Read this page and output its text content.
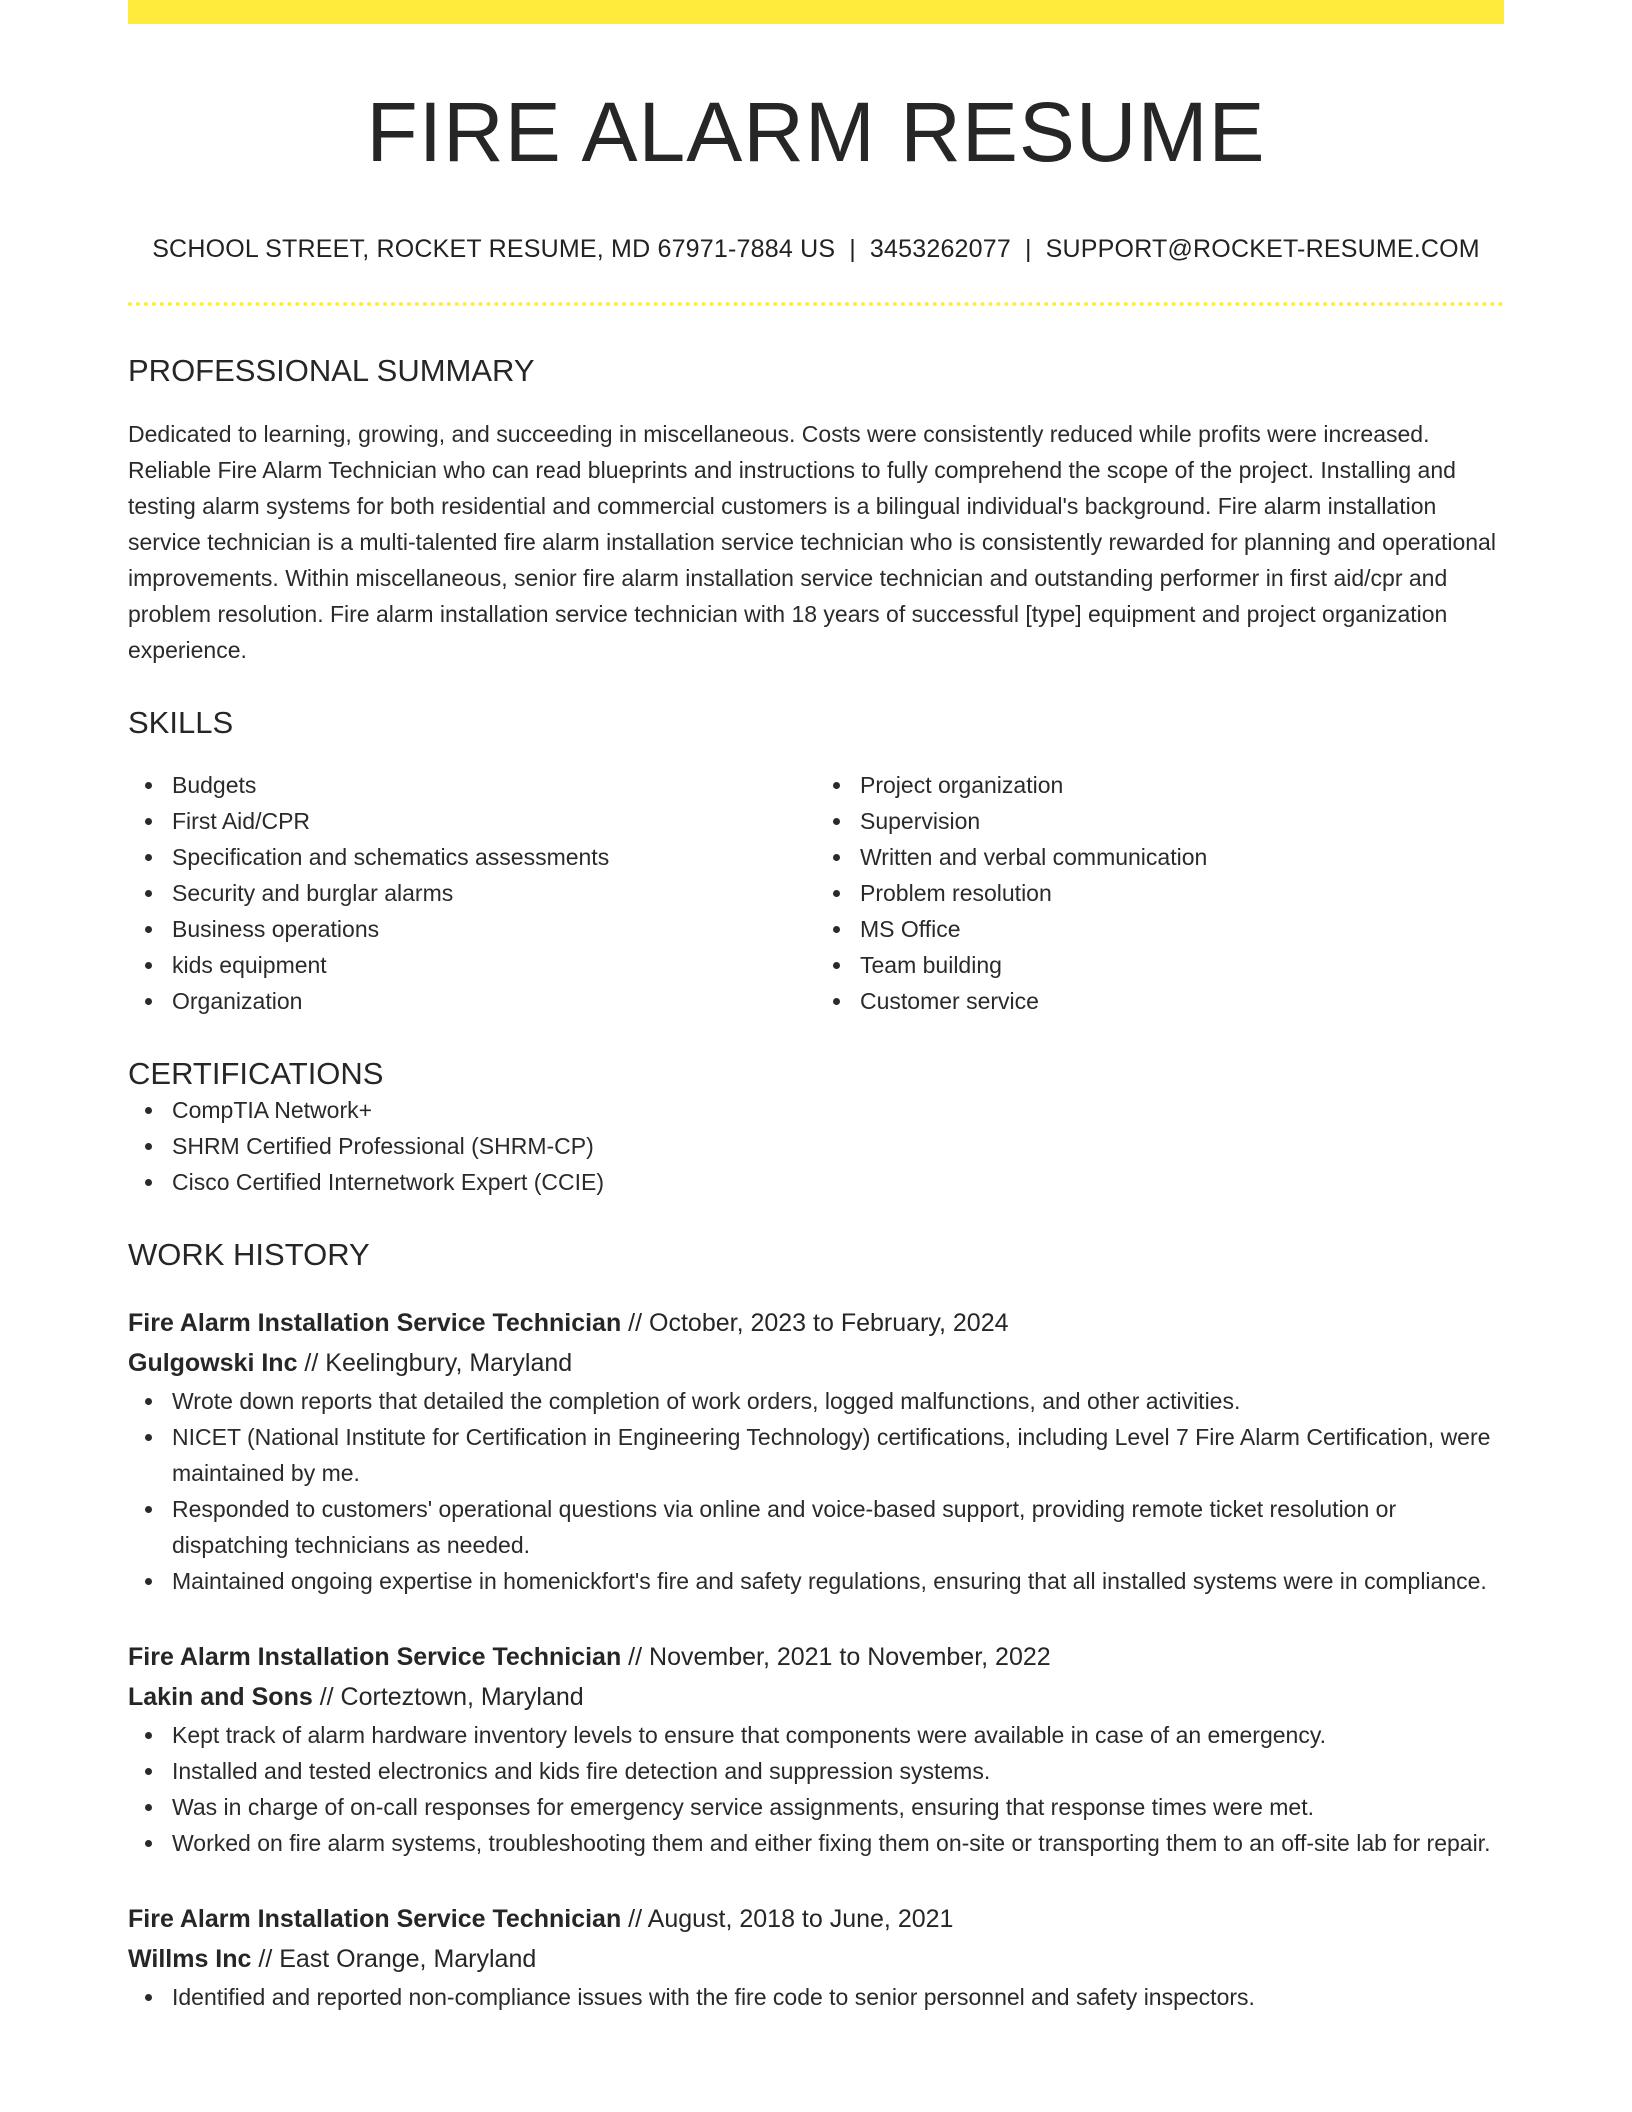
FIRE ALARM RESUME
SCHOOL STREET, ROCKET RESUME, MD 67971-7884 US | 3453262077 | SUPPORT@ROCKET-RESUME.COM
PROFESSIONAL SUMMARY

Dedicated to learning, growing, and succeeding in miscellaneous. Costs were consistently reduced while profits were increased. Reliable Fire Alarm Technician who can read blueprints and instructions to fully comprehend the scope of the project. Installing and testing alarm systems for both residential and commercial customers is a bilingual individual's background. Fire alarm installation service technician is a multi-talented fire alarm installation service technician who is consistently rewarded for planning and operational improvements. Within miscellaneous, senior fire alarm installation service technician and outstanding performer in first aid/cpr and problem resolution. Fire alarm installation service technician with 18 years of successful [type] equipment and project organization experience.

SKILLS
Budgets
First Aid/CPR
Specification and schematics assessments
Security and burglar alarms
Business operations
kids equipment
Organization
Project organization
Supervision
Written and verbal communication
Problem resolution
MS Office
Team building
Customer service
CERTIFICATIONS
CompTIA Network+
SHRM Certified Professional (SHRM-CP)
Cisco Certified Internetwork Expert (CCIE)
WORK HISTORY
Fire Alarm Installation Service Technician // October, 2023 to February, 2024
Gulgowski Inc // Keelingbury, Maryland
Wrote down reports that detailed the completion of work orders, logged malfunctions, and other activities.
NICET (National Institute for Certification in Engineering Technology) certifications, including Level 7 Fire Alarm Certification, were maintained by me.
Responded to customers' operational questions via online and voice-based support, providing remote ticket resolution or dispatching technicians as needed.
Maintained ongoing expertise in homenickfort's fire and safety regulations, ensuring that all installed systems were in compliance.
Fire Alarm Installation Service Technician // November, 2021 to November, 2022
Lakin and Sons // Corteztown, Maryland
Kept track of alarm hardware inventory levels to ensure that components were available in case of an emergency.
Installed and tested electronics and kids fire detection and suppression systems.
Was in charge of on-call responses for emergency service assignments, ensuring that response times were met.
Worked on fire alarm systems, troubleshooting them and either fixing them on-site or transporting them to an off-site lab for repair.
Fire Alarm Installation Service Technician // August, 2018 to June, 2021
Willms Inc // East Orange, Maryland
Identified and reported non-compliance issues with the fire code to senior personnel and safety inspectors.
